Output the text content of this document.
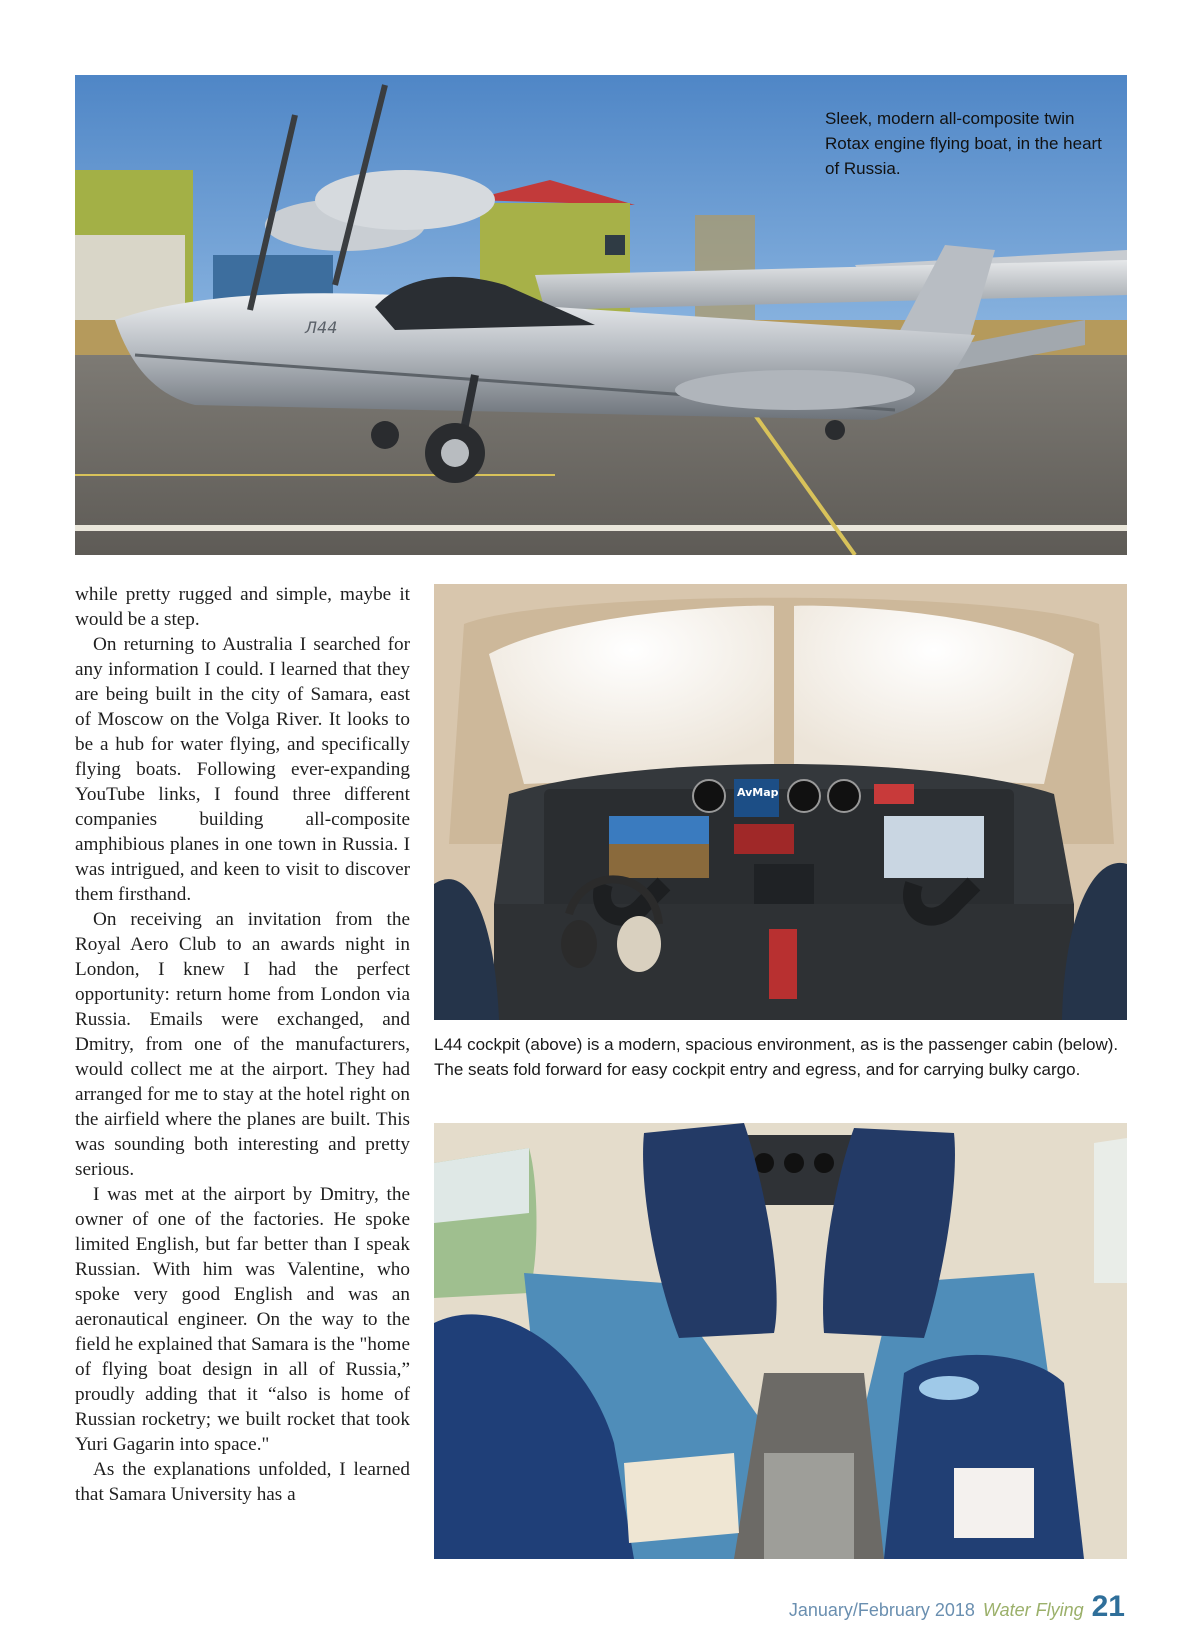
Л44

Sleek, modern all-composite twin Rotax engine flying boat, in the heart of Russia.

while pretty rugged and simple, maybe it would be a step.

On returning to Australia I searched for any information I could. I learned that they are being built in the city of Samara, east of Moscow on the Volga River. It looks to be a hub for water flying, and specifically flying boats. Following ever-expanding YouTube links, I found three different companies building all-composite amphibious planes in one town in Russia. I was intrigued, and keen to visit to discover them firsthand.

On receiving an invitation from the Royal Aero Club to an awards night in London, I knew I had the perfect opportunity: return home from London via Russia. Emails were exchanged, and Dmitry, from one of the manufacturers, would collect me at the airport. They had arranged for me to stay at the hotel right on the airfield where the planes are built. This was sounding both interesting and pretty serious.

I was met at the airport by Dmitry, the owner of one of the factories. He spoke limited English, but far better than I speak Russian. With him was Valentine, who spoke very good English and was an aeronautical engineer. On the way to the field he explained that Samara is the "home of flying boat design in all of Russia,” proudly adding that it “also is home of Russian rocketry; we built rocket that took Yuri Gagarin into space."

As the explanations unfolded, I learned that Samara University has a

AvMap

L44 cockpit (above) is a modern, spacious environment, as is the passenger cabin (below). The seats fold forward for easy cockpit entry and egress, and for carrying bulky cargo.

January/February 2018 Water Flying 21
